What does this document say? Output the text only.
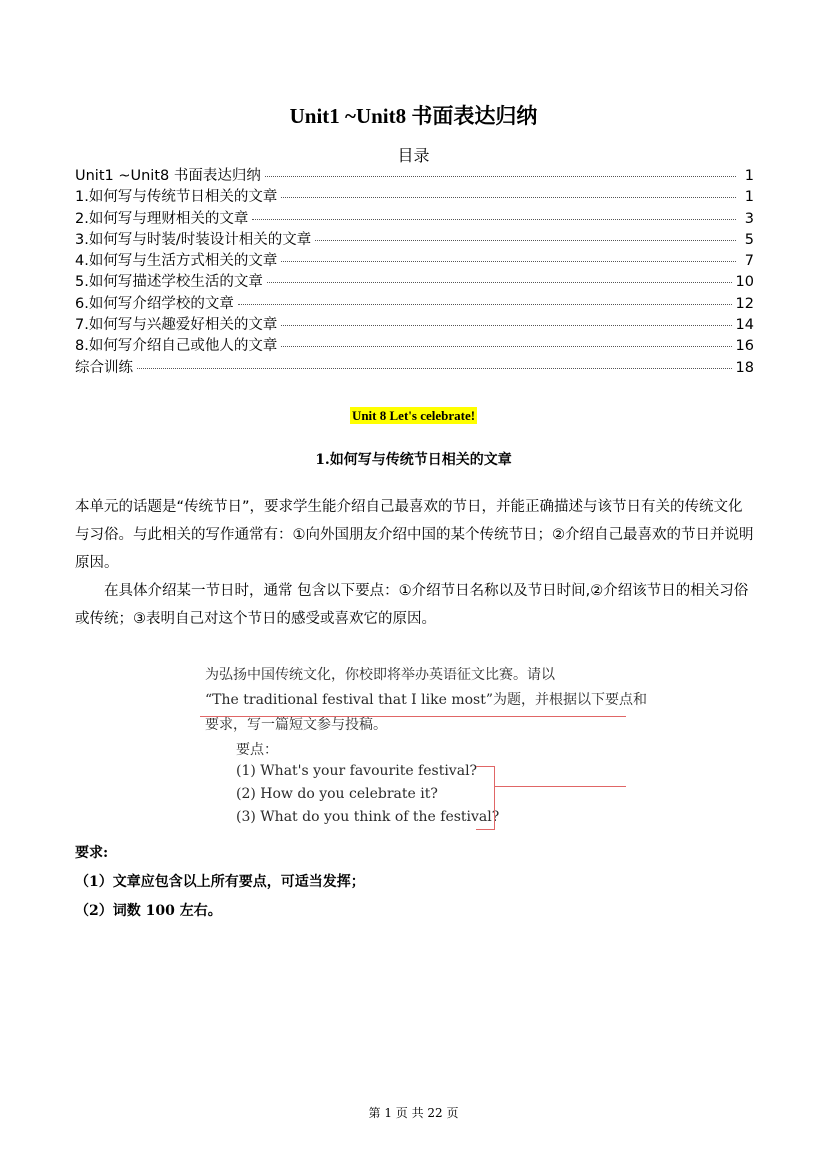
Unit1 ~Unit8 书面表达归纳
目录
Unit1 ~Unit8 书面表达归纳	1
1.如何写与传统节日相关的文章	1
2.如何写与理财相关的文章	3
3.如何写与时装/时装设计相关的文章	5
4.如何写与生活方式相关的文章	7
5.如何写描述学校生活的文章	10
6.如何写介绍学校的文章	12
7.如何写与兴趣爱好相关的文章	14
8.如何写介绍自己或他人的文章	16
综合训练	18
Unit 8 Let's celebrate!
1.如何写与传统节日相关的文章
本单元的话题是“传统节日”，要求学生能介绍自己最喜欢的节日，并能正确描述与该节日有关的传统文化与习俗。与此相关的写作通常有：①向外国朋友介绍中国的某个传统节日；②介绍自己最喜欢的节日并说明原因。
在具体介绍某一节日时，通常 包含以下要点：①介绍节日名称以及节日时间,②介绍该节日的相关习俗或传统；③表明自己对这个节日的感受或喜欢它的原因。
为弘扬中国传统文化，你校即将举办英语征文比赛。请以
“The traditional festival that I like most”为题，并根据以下要点和
要求，写一篇短文参与投稿。
要点：
(1) What's your favourite festival?
(2) How do you celebrate it?
(3) What do you think of the festival?
要求:
（1）文章应包含以上所有要点，可适当发挥；
（2）词数 100 左右。
第 1 页 共 22 页
